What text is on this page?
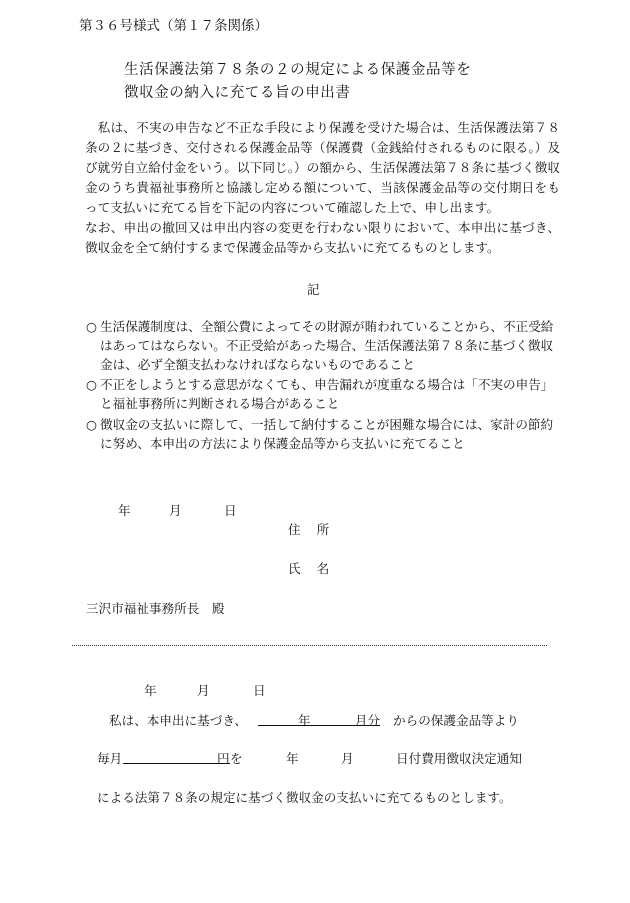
第３６号様式（第１７条関係）
生活保護法第７８条の２の規定による保護金品等を
徴収金の納入に充てる旨の申出書

私は、不実の申告など不正な手段により保護を受けた場合は、生活保護法第７８条の２に基づき、交付される保護金品等（保護費（金銭給付されるものに限る。）及び就労自立給付金をいう。以下同じ。）の額から、生活保護法第７８条に基づく徴収金のうち貴福祉事務所と協議し定める額について、当該保護金品等の交付期日をもって支払いに充てる旨を下記の内容について確認した上で、申し出ます。

なお、申出の撤回又は申出内容の変更を行わない限りにおいて、本申出に基づき、徴収金を全て納付するまで保護金品等から支払いに充てるものとします。

記
○ 生活保護制度は、全額公費によってその財源が賄われていることから、不正受給はあってはならない。不正受給があった場合、生活保護法第７８条に基づく徴収金は、必ず全額支払わなければならないものであること
○ 不正をしようとする意思がなくても、申告漏れが度重なる場合は「不実の申告」と福祉事務所に判断される場合があること
○ 徴収金の支払いに際して、一括して納付することが困難な場合には、家計の節約に努め、本申出の方法により保護金品等から支払いに充てること
年	月	日
住 所
氏 名
三沢市福祉事務所長　殿
年	月	日
私は、本申出に基づき、	年	月分 からの保護金品等より
毎月	円 を	年	月	日付費用徴収決定通知
による法第７８条の規定に基づく徴収金の支払いに充てるものとします。
